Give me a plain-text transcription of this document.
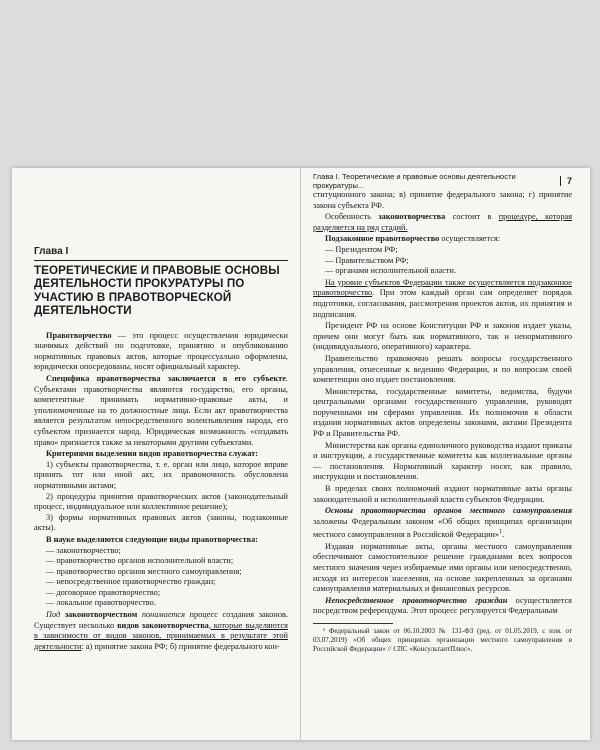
Глава I
ТЕОРЕТИЧЕСКИЕ И ПРАВОВЫЕ ОСНОВЫ ДЕЯТЕЛЬНОСТИ ПРОКУРАТУРЫ ПО УЧАСТИЮ В ПРАВОТВОРЧЕСКОЙ ДЕЯТЕЛЬНОСТИ

Правотворчество — это процесс осуществления юридически значимых действий по подготовке, принятию и опубликованию нормативных правовых актов, которые процессуально оформлены, юридически опосредованы, носят официальный характер.

Специфика правотворчества заключается в его субъекте. Субъектами правотворчества являются государство, его органы, компетентные принимать нормативно-правовые акты, и уполномоченные на то должностные лица. Если акт правотворчества является результатом непосредственного волеизъявления народа, его субъектом признается народ. Юридическая возможность «создавать право» признается также за некоторыми другими субъектами.

Критериями выделения видов правотворчества служат:

1) субъекты правотворчества, т. е. орган или лицо, которое вправе принять тот или иной акт, их правомочность обусловлена нормативными актами;

2) процедуры принятия правотворческих актов (законодательный процесс, индивидуальное или коллективное решение);

3) формы нормативных правовых актов (законы, подзаконные акты).

В науке выделяются следующие виды правотворчества:

— законотворчество;

— правотворчество органов исполнительной власти;

— правотворчество органов местного самоуправления;

— непосредственное правотворчество граждан;

— договорное правотворчество;

— локальное правотворчество.

Под законотворчеством понимается процесс создания законов. Существует несколько видов законотворчества, которые выделяются в зависимости от видов законов, принимаемых в результате этой деятельности: а) принятие закона РФ; б) принятие федерального кон-

Глава I. Теоретические и правовые основы деятельности прокуратуры...	7

ституционного закона; в) принятие федерального закона; г) принятие закона субъекта РФ.

Особенность законотворчества состоит в процедуре, которая разделяется на ряд стадий.

Подзаконное правотворчество осуществляется:

— Президентом РФ;

— Правительством РФ;

— органами исполнительной власти.

На уровне субъектов Федерации также осуществляется подзаконное правотворчество. При этом каждый орган сам определяет порядок подготовки, согласования, рассмотрения проектов актов, их принятия и подписания.

Президент РФ на основе Конституции РФ и законов издает указы, причем они могут быть как нормативного, так и ненормативного (индивидуального, оперативного) характера.

Правительство правомочно решать вопросы государственного управления, отнесенные к ведению Федерации, и по вопросам своей компетенции оно издает постановления.

Министерства, государственные комитеты, ведомства, будучи центральными органами государственного управления, руководят порученными им сферами управления. Их полномочия в области издания нормативных актов определены законами, актами Президента РФ и Правительства РФ.

Министерства как органы единоличного руководства издают приказы и инструкции, а государственные комитеты как коллегиальные органы — постановления. Нормативный характер носят, как правило, инструкции и постановления.

В пределах своих полномочий издают нормативные акты органы законодательной и исполнительной власти субъектов Федерации.

Основы правотворчества органов местного самоуправления заложены Федеральным законом «Об общих принципах организации местного самоуправления в Российской Федерации»$^1$.

Издавая нормативные акты, органы местного самоуправления обеспечивают самостоятельное решение гражданами всех вопросов местного значения через избираемые ими органы или непосредственно, исходя из интересов населения, на основе закрепленных за органами самоуправления материальных и финансовых ресурсов.

Непосредственное правотворчество граждан осуществляется посредством референдума. Этот процесс регулируется Федеральным

¹ Федеральный закон от 06.10.2003 № 131-ФЗ (ред. от 01.05.2019, с изм. от 03.07.2019) «Об общих принципах организации местного самоуправления в Российской Федерации» // СПС «КонсультантПлюс».
